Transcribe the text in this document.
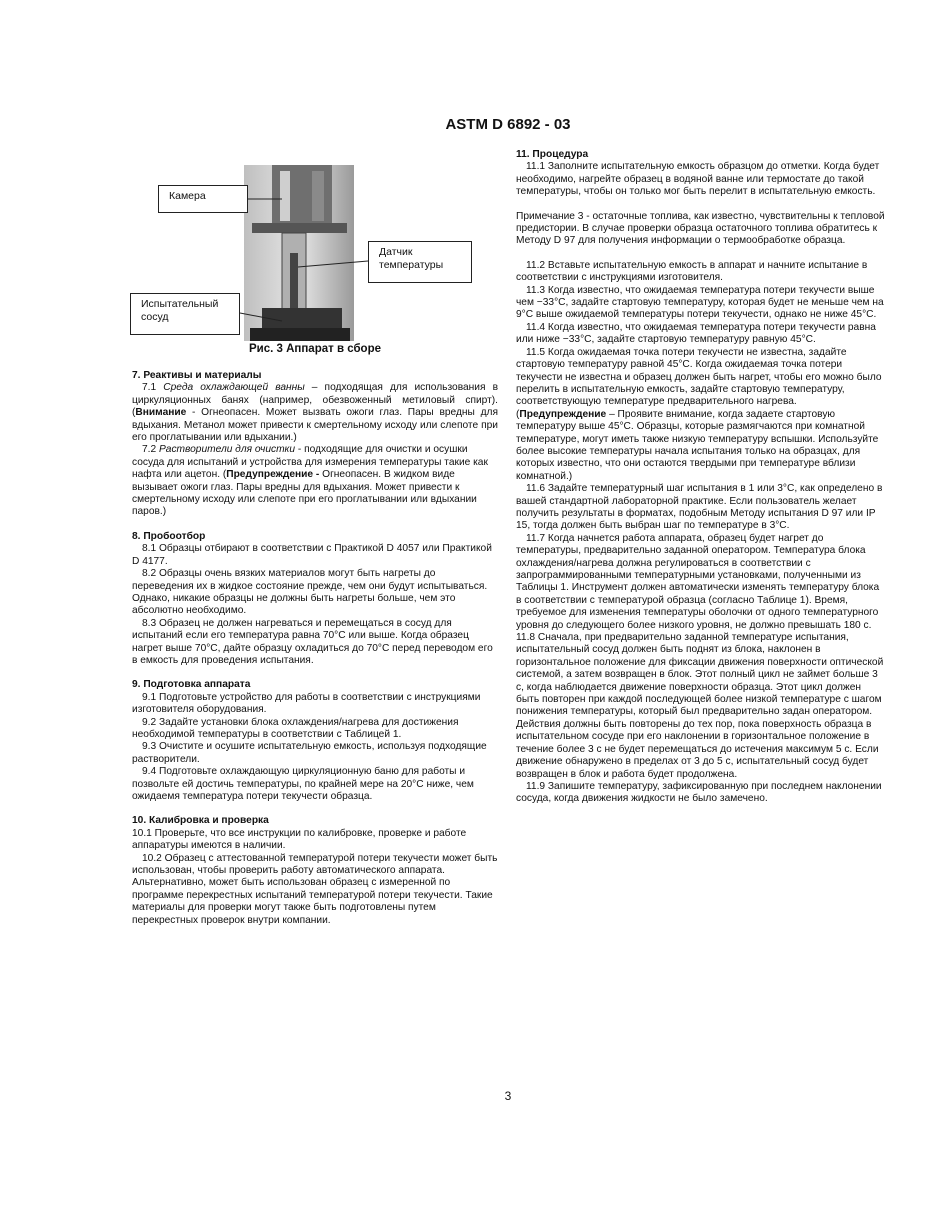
ASTM D 6892 - 03
Камера
Датчик температуры
Испытательный сосуд
Рис. 3 Аппарат в сборе

7. Реактивы и материалы

7.1 Среда охлаждающей ванны – подходящая для использования в циркуляционных банях (например, обезвоженный метиловый спирт). (Внимание - Огнеопасен. Может вызвать ожоги глаз. Пары вредны для вдыхания. Метанол может привести к смертельному исходу или слепоте при его проглатывании или вдыхании.)

7.2 Растворители для очистки - подходящие для очистки и осушки сосуда для испытаний и устройства для измерения температуры такие как нафта или ацетон. (Предупреждение - Огнеопасен. В жидком виде вызывает ожоги глаз. Пары вредны для вдыхания. Может привести к смертельному исходу или слепоте при его проглатывании или вдыхании паров.)

8. Пробоотбор

8.1 Образцы отбирают в соответствии с Практикой D 4057 или Практикой D 4177.

8.2 Образцы очень вязких материалов могут быть нагреты до переведения их в жидкое состояние прежде, чем они будут испытываться. Однако, никакие образцы не должны быть нагреты больше, чем это абсолютно необходимо.

8.3 Образец не должен нагреваться и перемещаться в сосуд для испытаний если его температура равна 70°С или выше. Когда образец нагрет выше 70°С, дайте образцу охладиться до 70°С перед переводом его в емкость для проведения испытания.

9. Подготовка аппарата

9.1 Подготовьте устройство для работы в соответствии с инструкциями изготовителя оборудования.

9.2 Задайте установки блока охлаждения/нагрева для достижения необходимой температуры в соответствии с Таблицей 1.

9.3 Очистите и осушите испытательную емкость, используя подходящие растворители.

9.4 Подготовьте охлаждающую циркуляционную баню для работы и позвольте ей достичь температуры, по крайней мере на 20°С ниже, чем ожидаемя температура потери текучести образца.

10. Калибровка и проверка

10.1 Проверьте, что все инструкции по калибровке, проверке и работе аппаратуры имеются в наличии.

10.2 Образец с аттестованной температурой потери текучести может быть использован, чтобы проверить работу автоматического аппарата. Альтернативно, может быть использован образец с измеренной по программе перекрестных испытаний температурой потери текучести. Такие материалы для проверки могут также быть подготовлены путем перекрестных проверок внутри компании.

11. Процедура

11.1 Заполните испытательную емкость образцом до отметки. Когда будет необходимо, нагрейте образец в водяной ванне или термостате до такой температуры, чтобы он только мог быть перелит в испытательную емкость.

Примечание 3 - остаточные топлива, как известно, чувствительны к тепловой предистории. В случае проверки образца остаточного топлива обратитесь к Методу D 97 для получения информации о термообработке образца.

11.2 Вставьте испытательную емкость в аппарат и начните испытание в соответствии с инструкциями изготовителя.

11.3 Когда известно, что ожидаемая температура потери текучести выше чем −33°С, задайте стартовую температуру, которая будет не меньше чем на 9°С выше ожидаемой температуры потери текучести, однако не ниже 45°С.

11.4 Когда известно, что ожидаемая температура потери текучести равна или ниже −33°С, задайте стартовую температуру равную 45°С.

11.5 Когда ожидаемая точка потери текучести не известна, задайте стартовую температуру равной 45°С. Когда ожидаемая точка потери текучести не известна и образец должен быть нагрет, чтобы его можно было перелить в испытательную емкость, задайте стартовую температуру, соответствующую температуре предварительного нагрева. (Предупреждение – Проявите внимание, когда задаете стартовую температуру выше 45°С. Образцы, которые размягчаются при комнатной температуре, могут иметь также низкую температуру вспышки. Используйте более высокие температуры начала испытания только на образцах, для которых известно, что они остаются твердыми при температуре вблизи комнатной.)

11.6 Задайте температурный шаг испытания в 1 или 3°С, как определено в вашей стандартной лабораторной практике. Если пользователь желает получить результаты в форматах, подобным Методу испытания D 97 или IP 15, тогда должен быть выбран шаг по температуре в 3°С.

11.7 Когда начнется работа аппарата, образец будет нагрет до температуры, предварительно заданной оператором. Температура блока охлаждения/нагрева должна регулироваться в соответствии с запрограммированными температурными установками, полученными из Таблицы 1. Инструмент должен автоматически изменять температуру блока в соответствии с температурой образца (согласно Таблице 1). Время, требуемое для изменения температуры оболочки от одного температурного уровня до следующего более низкого уровня, не должно превышать 180 с.

11.8 Сначала, при предварительно заданной температуре испытания, испытательный сосуд должен быть поднят из блока, наклонен в горизонтальное положение для фиксации движения поверхности оптической системой, а затем возвращен в блок. Этот полный цикл не займет больше 3 с, когда наблюдается движение поверхности образца. Этот цикл должен быть повторен при каждой последующей более низкой температуре с шагом понижения температуры, который был предварительно задан оператором. Действия должны быть повторены до тех пор, пока поверхность образца в испытательном сосуде при его наклонении в горизонтальное положение в течение более 3 с не будет перемещаться до истечения максимум 5 с. Если движение обнаружено в пределах от 3 до 5 с, испытательный сосуд будет возвращен в блок и работа будет продолжена.

11.9 Запишите температуру, зафиксированную при последнем наклонении сосуда, когда движения жидкости не было замечено.

3
